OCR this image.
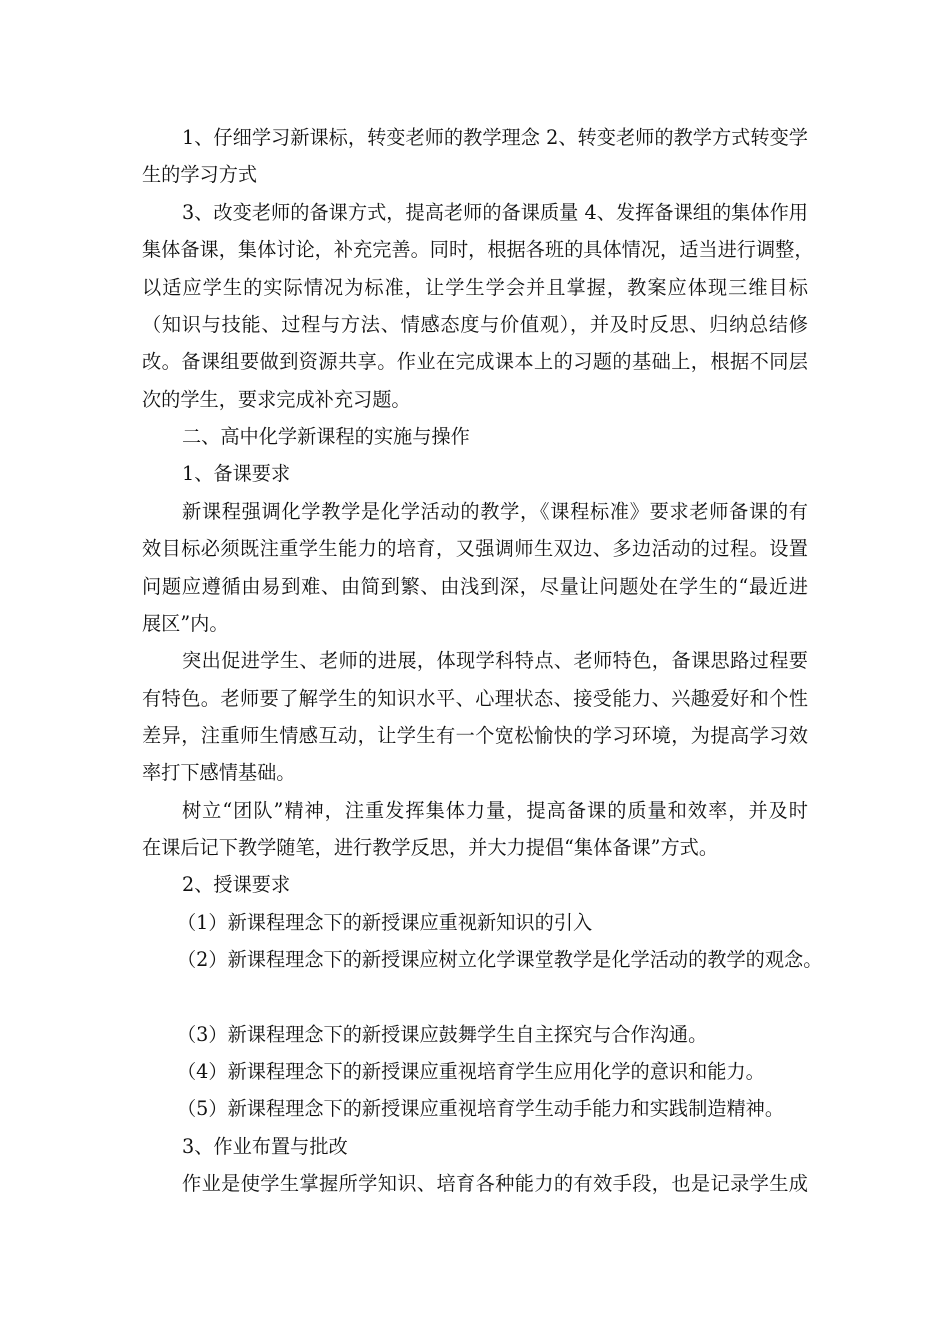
1、仔细学习新课标，转变老师的教学理念 2、转变老师的教学方式转变学

生的学习方式

3、改变老师的备课方式，提高老师的备课质量 4、发挥备课组的集体作用

集体备课，集体讨论，补充完善。同时，根据各班的具体情况，适当进行调整，

以适应学生的实际情况为标准，让学生学会并且掌握，教案应体现三维目标

（知识与技能、过程与方法、情感态度与价值观），并及时反思、归纳总结修

改。备课组要做到资源共享。作业在完成课本上的习题的基础上，根据不同层

次的学生，要求完成补充习题。

二、高中化学新课程的实施与操作

1、备课要求

新课程强调化学教学是化学活动的教学，《课程标准》要求老师备课的有

效目标必须既注重学生能力的培育，又强调师生双边、多边活动的过程。设置

问题应遵循由易到难、由简到繁、由浅到深，尽量让问题处在学生的“最近进

展区”内。

突出促进学生、老师的进展，体现学科特点、老师特色，备课思路过程要

有特色。老师要了解学生的知识水平、心理状态、接受能力、兴趣爱好和个性

差异，注重师生情感互动，让学生有一个宽松愉快的学习环境，为提高学习效

率打下感情基础。

树立“团队”精神，注重发挥集体力量，提高备课的质量和效率，并及时

在课后记下教学随笔，进行教学反思，并大力提倡“集体备课”方式。

2、授课要求

（1）新课程理念下的新授课应重视新知识的引入

（2）新课程理念下的新授课应树立化学课堂教学是化学活动的教学的观念。

（3）新课程理念下的新授课应鼓舞学生自主探究与合作沟通。

（4）新课程理念下的新授课应重视培育学生应用化学的意识和能力。

（5）新课程理念下的新授课应重视培育学生动手能力和实践制造精神。

3、作业布置与批改

作业是使学生掌握所学知识、培育各种能力的有效手段，也是记录学生成
